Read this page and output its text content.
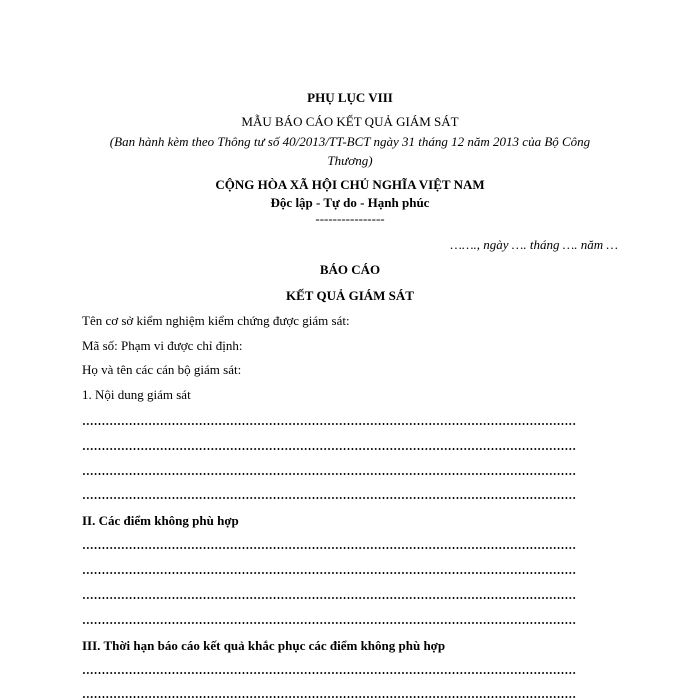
PHỤ LỤC VIII
MẪU BÁO CÁO KẾT QUẢ GIÁM SÁT
(Ban hành kèm theo Thông tư số 40/2013/TT-BCT ngày 31 tháng 12 năm 2013 của Bộ Công Thương)
CỘNG HÒA XÃ HỘI CHỦ NGHĨA VIỆT NAM
Độc lập - Tự do - Hạnh phúc
----------------
……., ngày …. tháng …. năm …
BÁO CÁO
KẾT QUẢ GIÁM SÁT
Tên cơ sở kiểm nghiệm kiểm chứng được giám sát:
Mã số: Phạm vi được chỉ định:
Họ và tên các cán bộ giám sát:
1. Nội dung giám sát
II. Các điểm không phù hợp
III. Thời hạn báo cáo kết quả khắc phục các điểm không phù hợp
